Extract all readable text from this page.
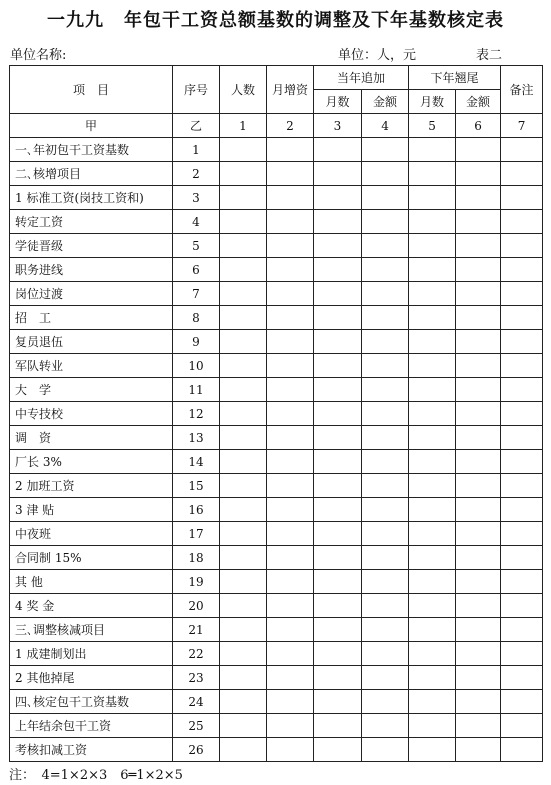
一九九 年包干工资总额基数的调整及下年基数核定表
单位名称:	单位：人，元	表二
项　目	序号	人数	月增资	当年追加		下年翘尾		备注
				月数	金额	月数	金额	
甲	乙	1	2	3	4	5	6	7
一､年初包干工资基数	1							
二､核增项目	2							
1 标准工资(岗技工资和)	3							
转定工资	4							
学徒晋级	5							
职务进线	6							
岗位过渡	7							
招　工	8							
复员退伍	9							
军队转业	10							
大　学	11							
中专技校	12							
调　资	13							
厂长 3%	14							
2 加班工资	15							
3 津 贴	16							
中夜班	17							
合同制 15%	18							
其 他	19							
4 奖 金	20							
三､调整核减项目	21							
1 成建制划出	22							
2 其他掉尾	23							
四､核定包干工资基数	24							
上年结余包干工资	25							
考核扣减工资	26							
注：　4=1×2×3　6═1×2×5
